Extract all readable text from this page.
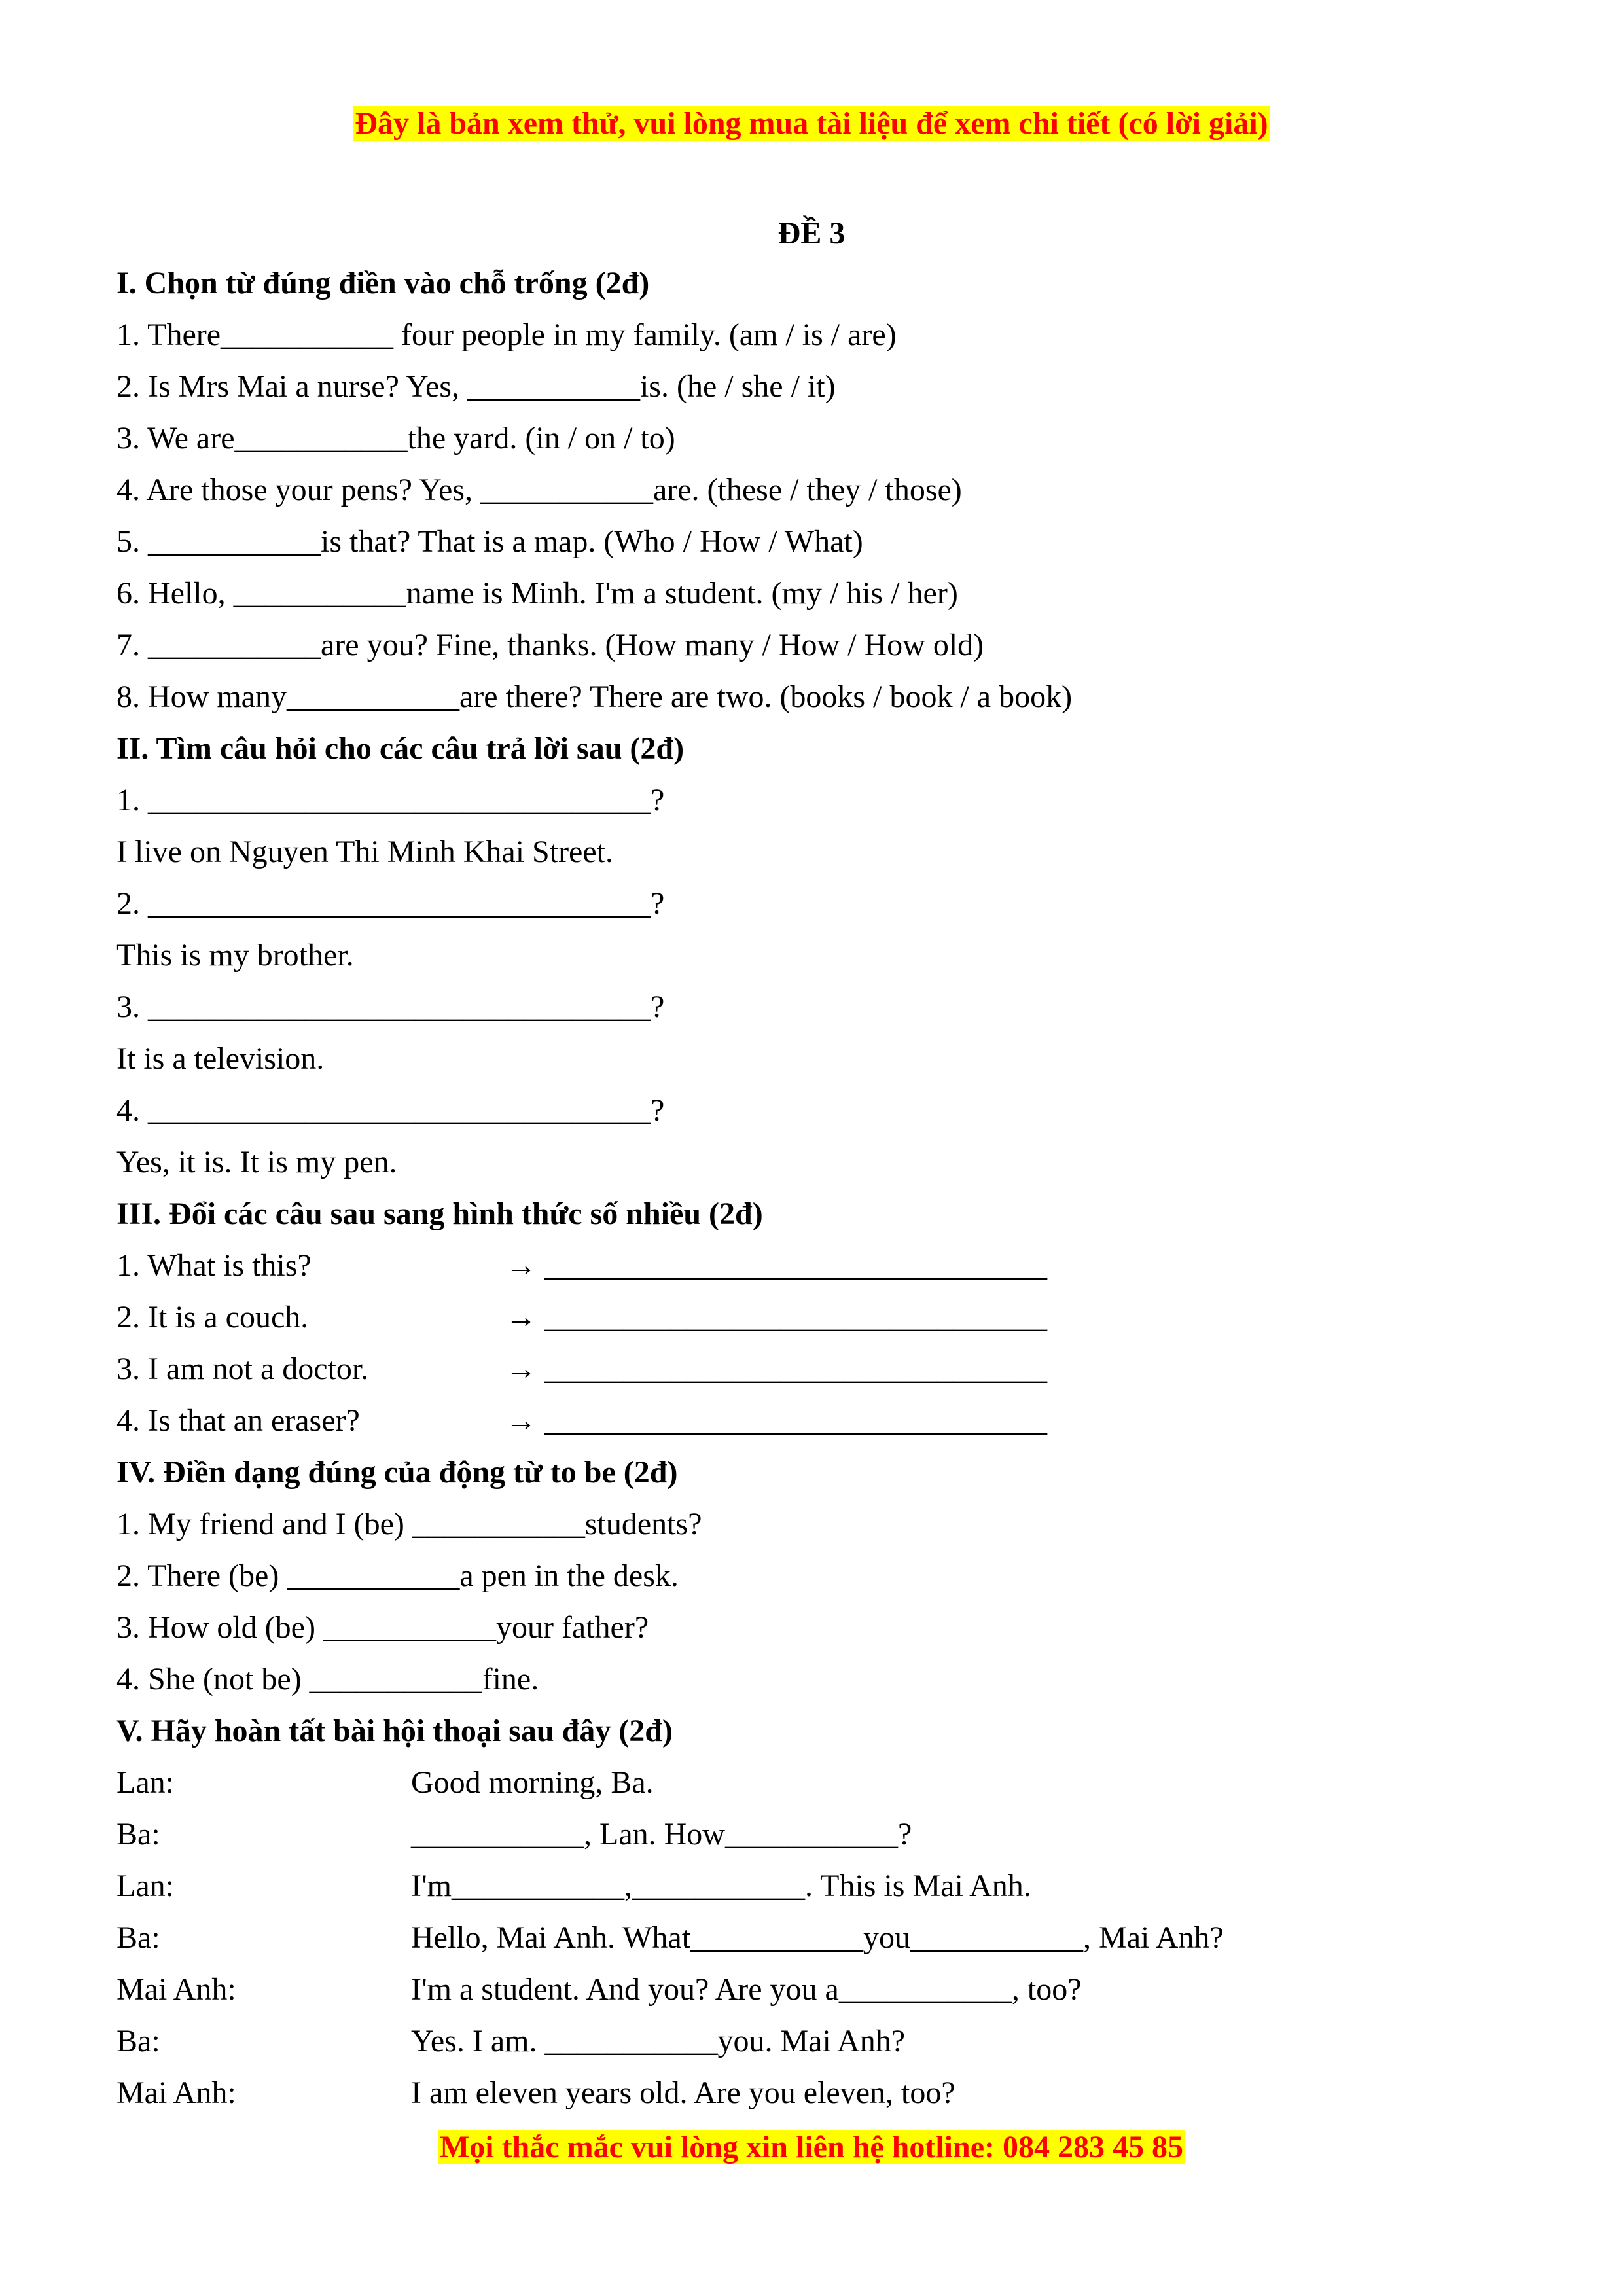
Đây là bản xem thử, vui lòng mua tài liệu để xem chi tiết (có lời giải)
ĐỀ 3
I. Chọn từ đúng điền vào chỗ trống (2đ)
1. There___________ four people in my family. (am / is / are)
2. Is Mrs Mai a nurse? Yes, ___________is. (he / she / it)
3. We are___________the yard. (in / on / to)
4. Are those your pens? Yes, ___________are. (these / they / those)
5. ___________is that? That is a map. (Who / How / What)
6. Hello, ___________name is Minh. I'm a student. (my / his / her)
7. ___________are you? Fine, thanks. (How many / How / How old)
8. How many___________are there? There are two. (books / book / a book)
II. Tìm câu hỏi cho các câu trả lời sau (2đ)
1. ________________________________?
I live on Nguyen Thi Minh Khai Street.
2. ________________________________?
This is my brother.
3. ________________________________?
It is a television.
4. ________________________________?
Yes, it is. It is my pen.
III. Đổi các câu sau sang hình thức số nhiều (2đ)

1. What is this?

	→ ________________________________

2. It is a couch.

	→ ________________________________

3. I am not a doctor.

	→ ________________________________

4. Is that an eraser?

	→ ________________________________

IV. Điền dạng đúng của động từ to be (2đ)
1. My friend and I (be) ___________students?
2. There (be) ___________a pen in the desk.
3. How old (be) ___________your father?
4. She (not be) ___________fine.
V. Hãy hoàn tất bài hội thoại sau đây (2đ)

Lan:

	Good morning, Ba.

Ba:

	___________, Lan. How___________?

Lan:

	I'm___________,___________. This is Mai Anh.

Ba:

	Hello, Mai Anh. What___________you___________, Mai Anh?

Mai Anh:

	I'm a student. And you? Are you a___________, too?

Ba:

	Yes. I am. ___________you. Mai Anh?

Mai Anh:

	I am eleven years old. Are you eleven, too?

Mọi thắc mắc vui lòng xin liên hệ hotline: 084 283 45 85
